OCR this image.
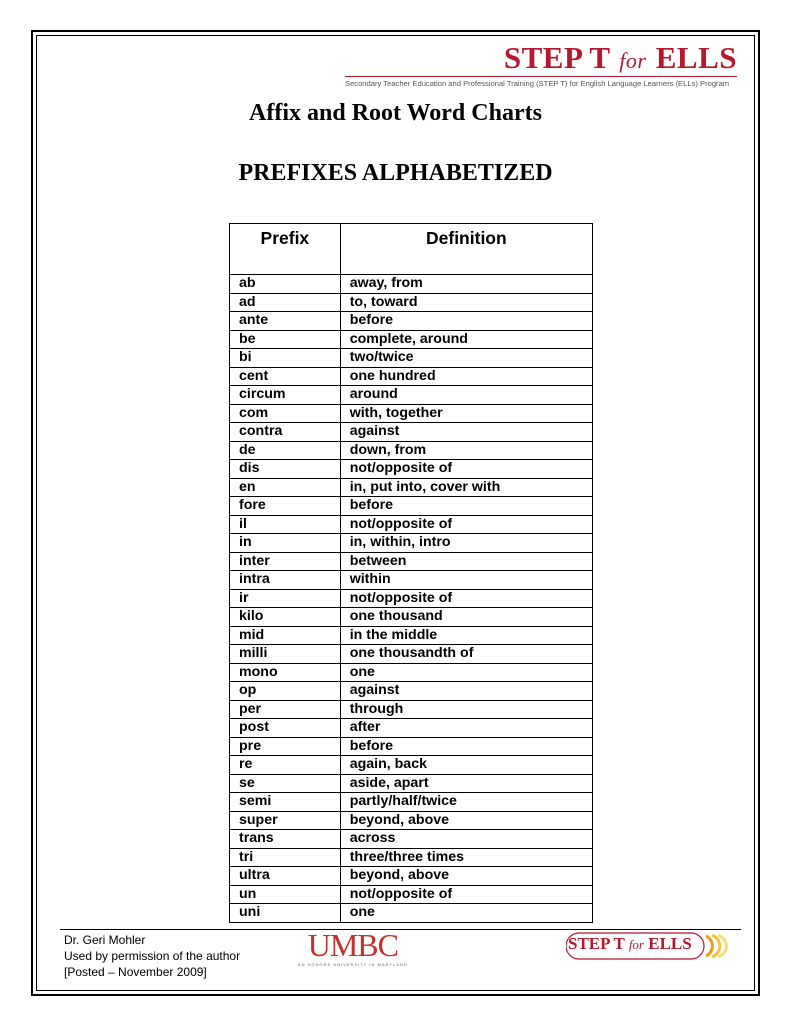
STEP T for ELLS
Secondary Teacher Education and Professional Training (STEP T) for English Language Learners (ELLs) Program
Affix and Root Word Charts
PREFIXES ALPHABETIZED
Prefix	Definition
ab	away, from
ad	to, toward
ante	before
be	complete, around
bi	two/twice
cent	one hundred
circum	around
com	with, together
contra	against
de	down, from
dis	not/opposite of
en	in, put into, cover with
fore	before
il	not/opposite of
in	in, within, intro
inter	between
intra	within
ir	not/opposite of
kilo	one thousand
mid	in the middle
milli	one thousandth of
mono	one
op	against
per	through
post	after
pre	before
re	again, back
se	aside, apart
semi	partly/half/twice
super	beyond, above
trans	across
tri	three/three times
ultra	beyond, above
un	not/opposite of
uni	one
Dr. Geri Mohler
Used by permission of the author
[Posted – November 2009]
UMBC
AN HONORS UNIVERSITY IN MARYLAND
STEP T for ELLS
